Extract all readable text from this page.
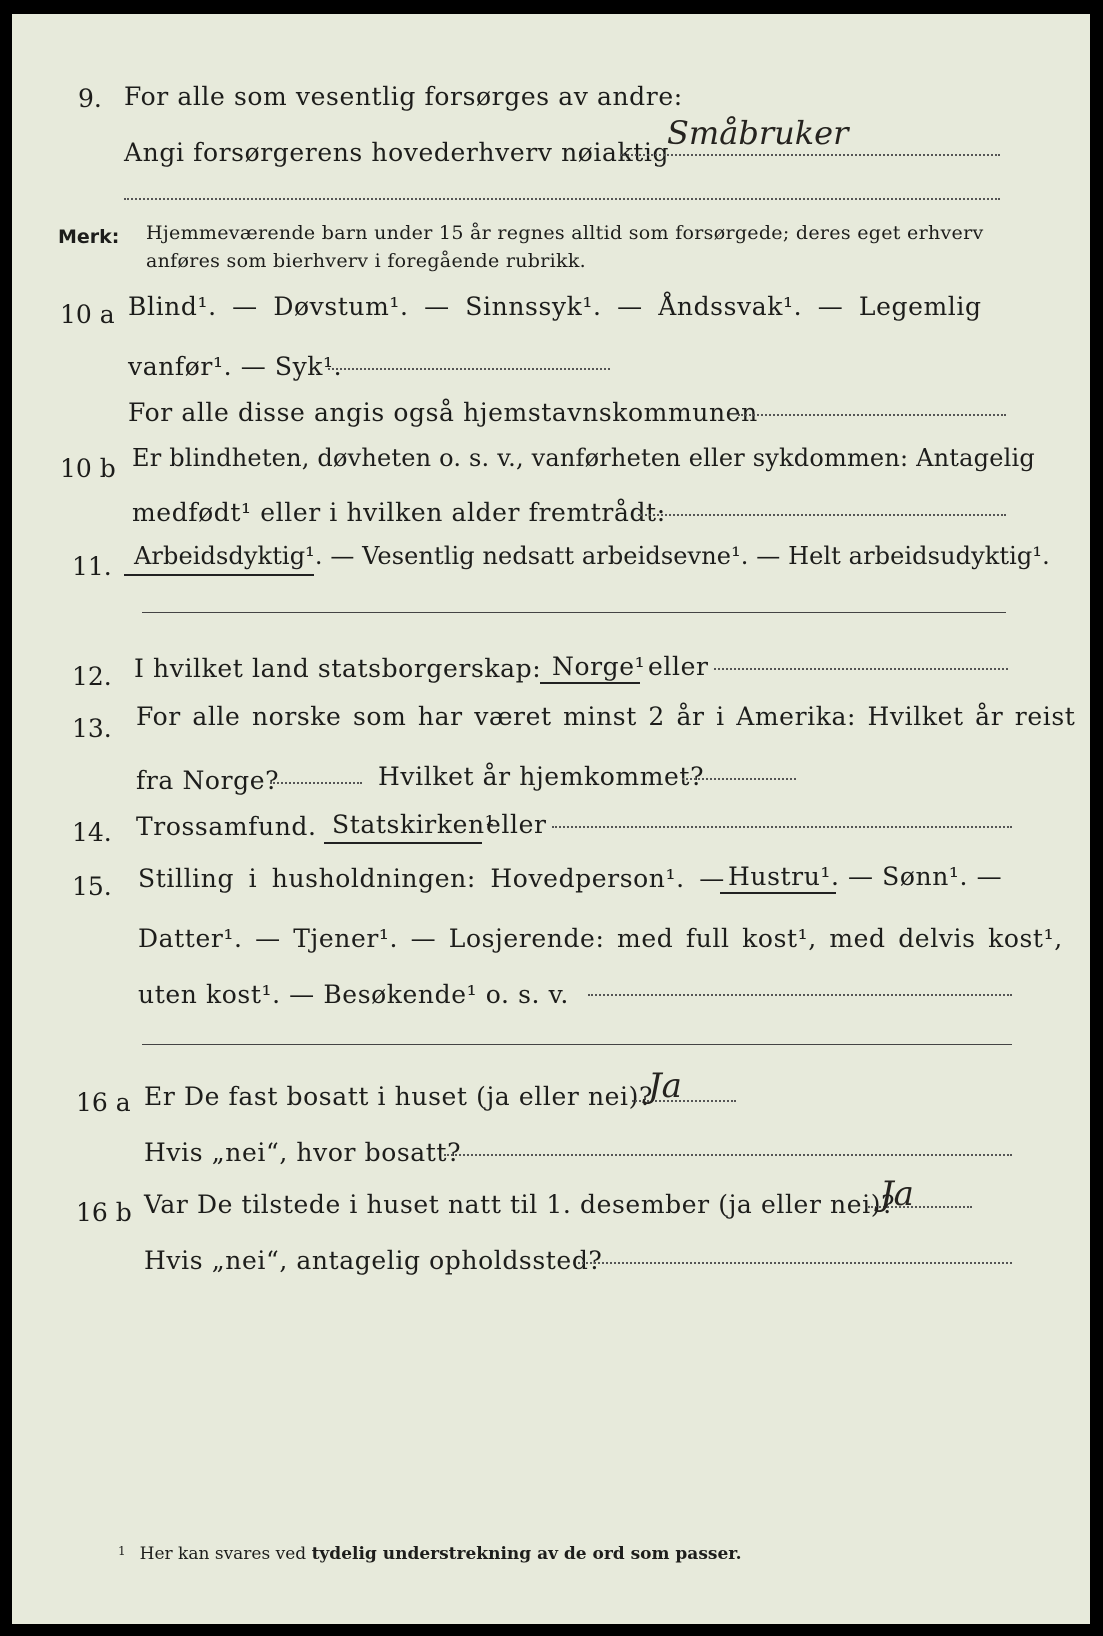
9. For alle som vesentlig forsørges av andre:
Angi forsørgerens hovederhverv nøiaktig
Småbruker
Merk: Hjemmeværende barn under 15 år regnes alltid som forsørgede; deres eget erhverv
anføres som bierhverv i foregående rubrikk.
10 a Blind¹. — Døvstum¹. — Sinnssyk¹. — Åndssvak¹. — Legemlig
vanfør¹. — Syk¹.
For alle disse angis også hjemstavnskommunen
10 b Er blindheten, døvheten o. s. v., vanførheten eller sykdommen: Antagelig
medfødt¹ eller i hvilken alder fremtrådt:
11. Arbeidsdyktig¹. — Vesentlig nedsatt arbeidsevne¹. — Helt arbeidsudyktig¹.
12. I hvilket land statsborgerskap: Norge¹ eller
13. For alle norske som har været minst 2 år i Amerika: Hvilket år reist
fra Norge?	Hvilket år hjemkommet?
14. Trossamfund. Statskirken¹
eller
15. Stilling i husholdningen: Hovedperson¹. — Hustru¹. — Sønn¹. —
Datter¹. — Tjener¹. — Losjerende: med full kost¹, med delvis kost¹,
uten kost¹. — Besøkende¹ o. s. v.
16 a Er De fast bosatt i huset (ja eller nei)?
Ja
Hvis „nei“, hvor bosatt?
16 b Var De tilstede i huset natt til 1. desember (ja eller nei)?
Ja
Hvis „nei“, antagelig opholdssted?
$^1$ Her kan svares ved tydelig understrekning av de ord som passer.
